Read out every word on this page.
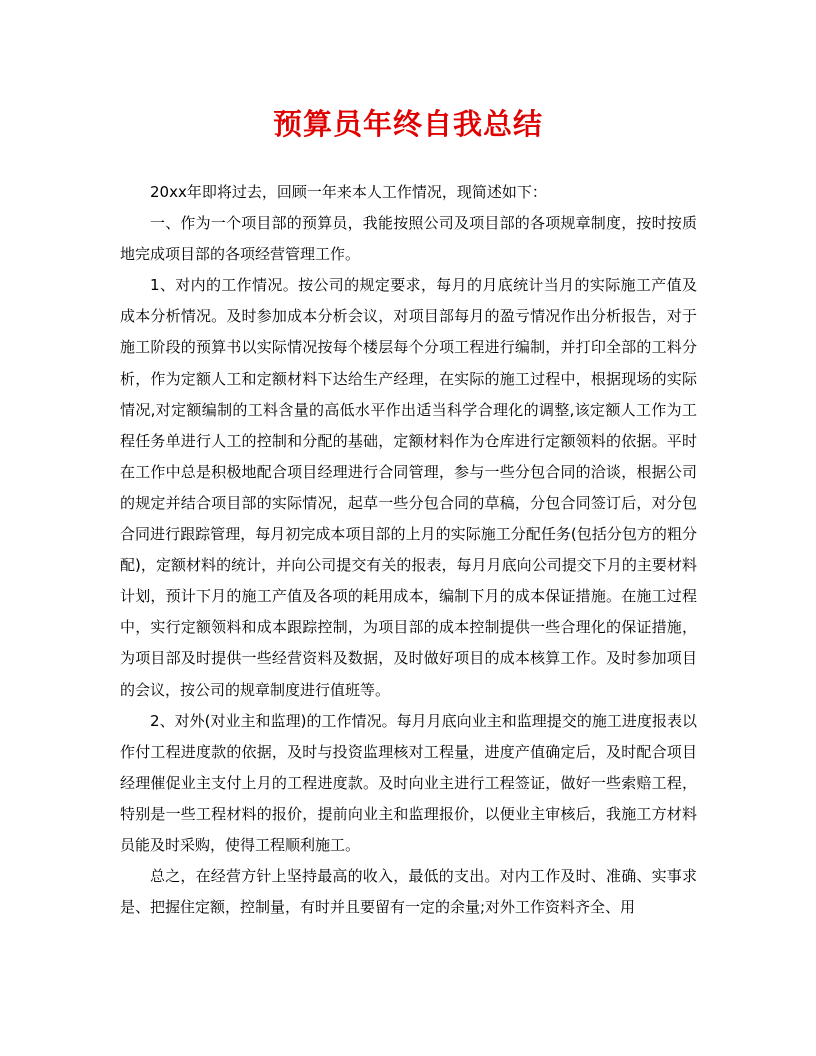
预算员年终自我总结

20xx年即将过去，回顾一年来本人工作情况，现简述如下：

一、作为一个项目部的预算员，我能按照公司及项目部的各项规章制度，按时按质地完成项目部的各项经营管理工作。

1、对内的工作情况。按公司的规定要求，每月的月底统计当月的实际施工产值及成本分析情况。及时参加成本分析会议，对项目部每月的盈亏情况作出分析报告，对于施工阶段的预算书以实际情况按每个楼层每个分项工程进行编制，并打印全部的工料分析，作为定额人工和定额材料下达给生产经理，在实际的施工过程中，根据现场的实际情况,对定额编制的工料含量的高低水平作出适当科学合理化的调整,该定额人工作为工程任务单进行人工的控制和分配的基础，定额材料作为仓库进行定额领料的依据。平时在工作中总是积极地配合项目经理进行合同管理，参与一些分包合同的洽谈，根据公司的规定并结合项目部的实际情况，起草一些分包合同的草稿，分包合同签订后，对分包合同进行跟踪管理，每月初完成本项目部的上月的实际施工分配任务(包括分包方的粗分配)，定额材料的统计，并向公司提交有关的报表，每月月底向公司提交下月的主要材料计划，预计下月的施工产值及各项的耗用成本，编制下月的成本保证措施。在施工过程中，实行定额领料和成本跟踪控制，为项目部的成本控制提供一些合理化的保证措施，为项目部及时提供一些经营资料及数据，及时做好项目的成本核算工作。及时参加项目的会议，按公司的规章制度进行值班等。

2、对外(对业主和监理)的工作情况。每月月底向业主和监理提交的施工进度报表以作付工程进度款的依据，及时与投资监理核对工程量，进度产值确定后，及时配合项目经理催促业主支付上月的工程进度款。及时向业主进行工程签证，做好一些索赔工程，特别是一些工程材料的报价，提前向业主和监理报价，以便业主审核后，我施工方材料员能及时采购，使得工程顺利施工。

总之，在经营方针上坚持最高的收入，最低的支出。对内工作及时、准确、实事求是、把握住定额，控制量，有时并且要留有一定的余量;对外工作资料齐全、用
